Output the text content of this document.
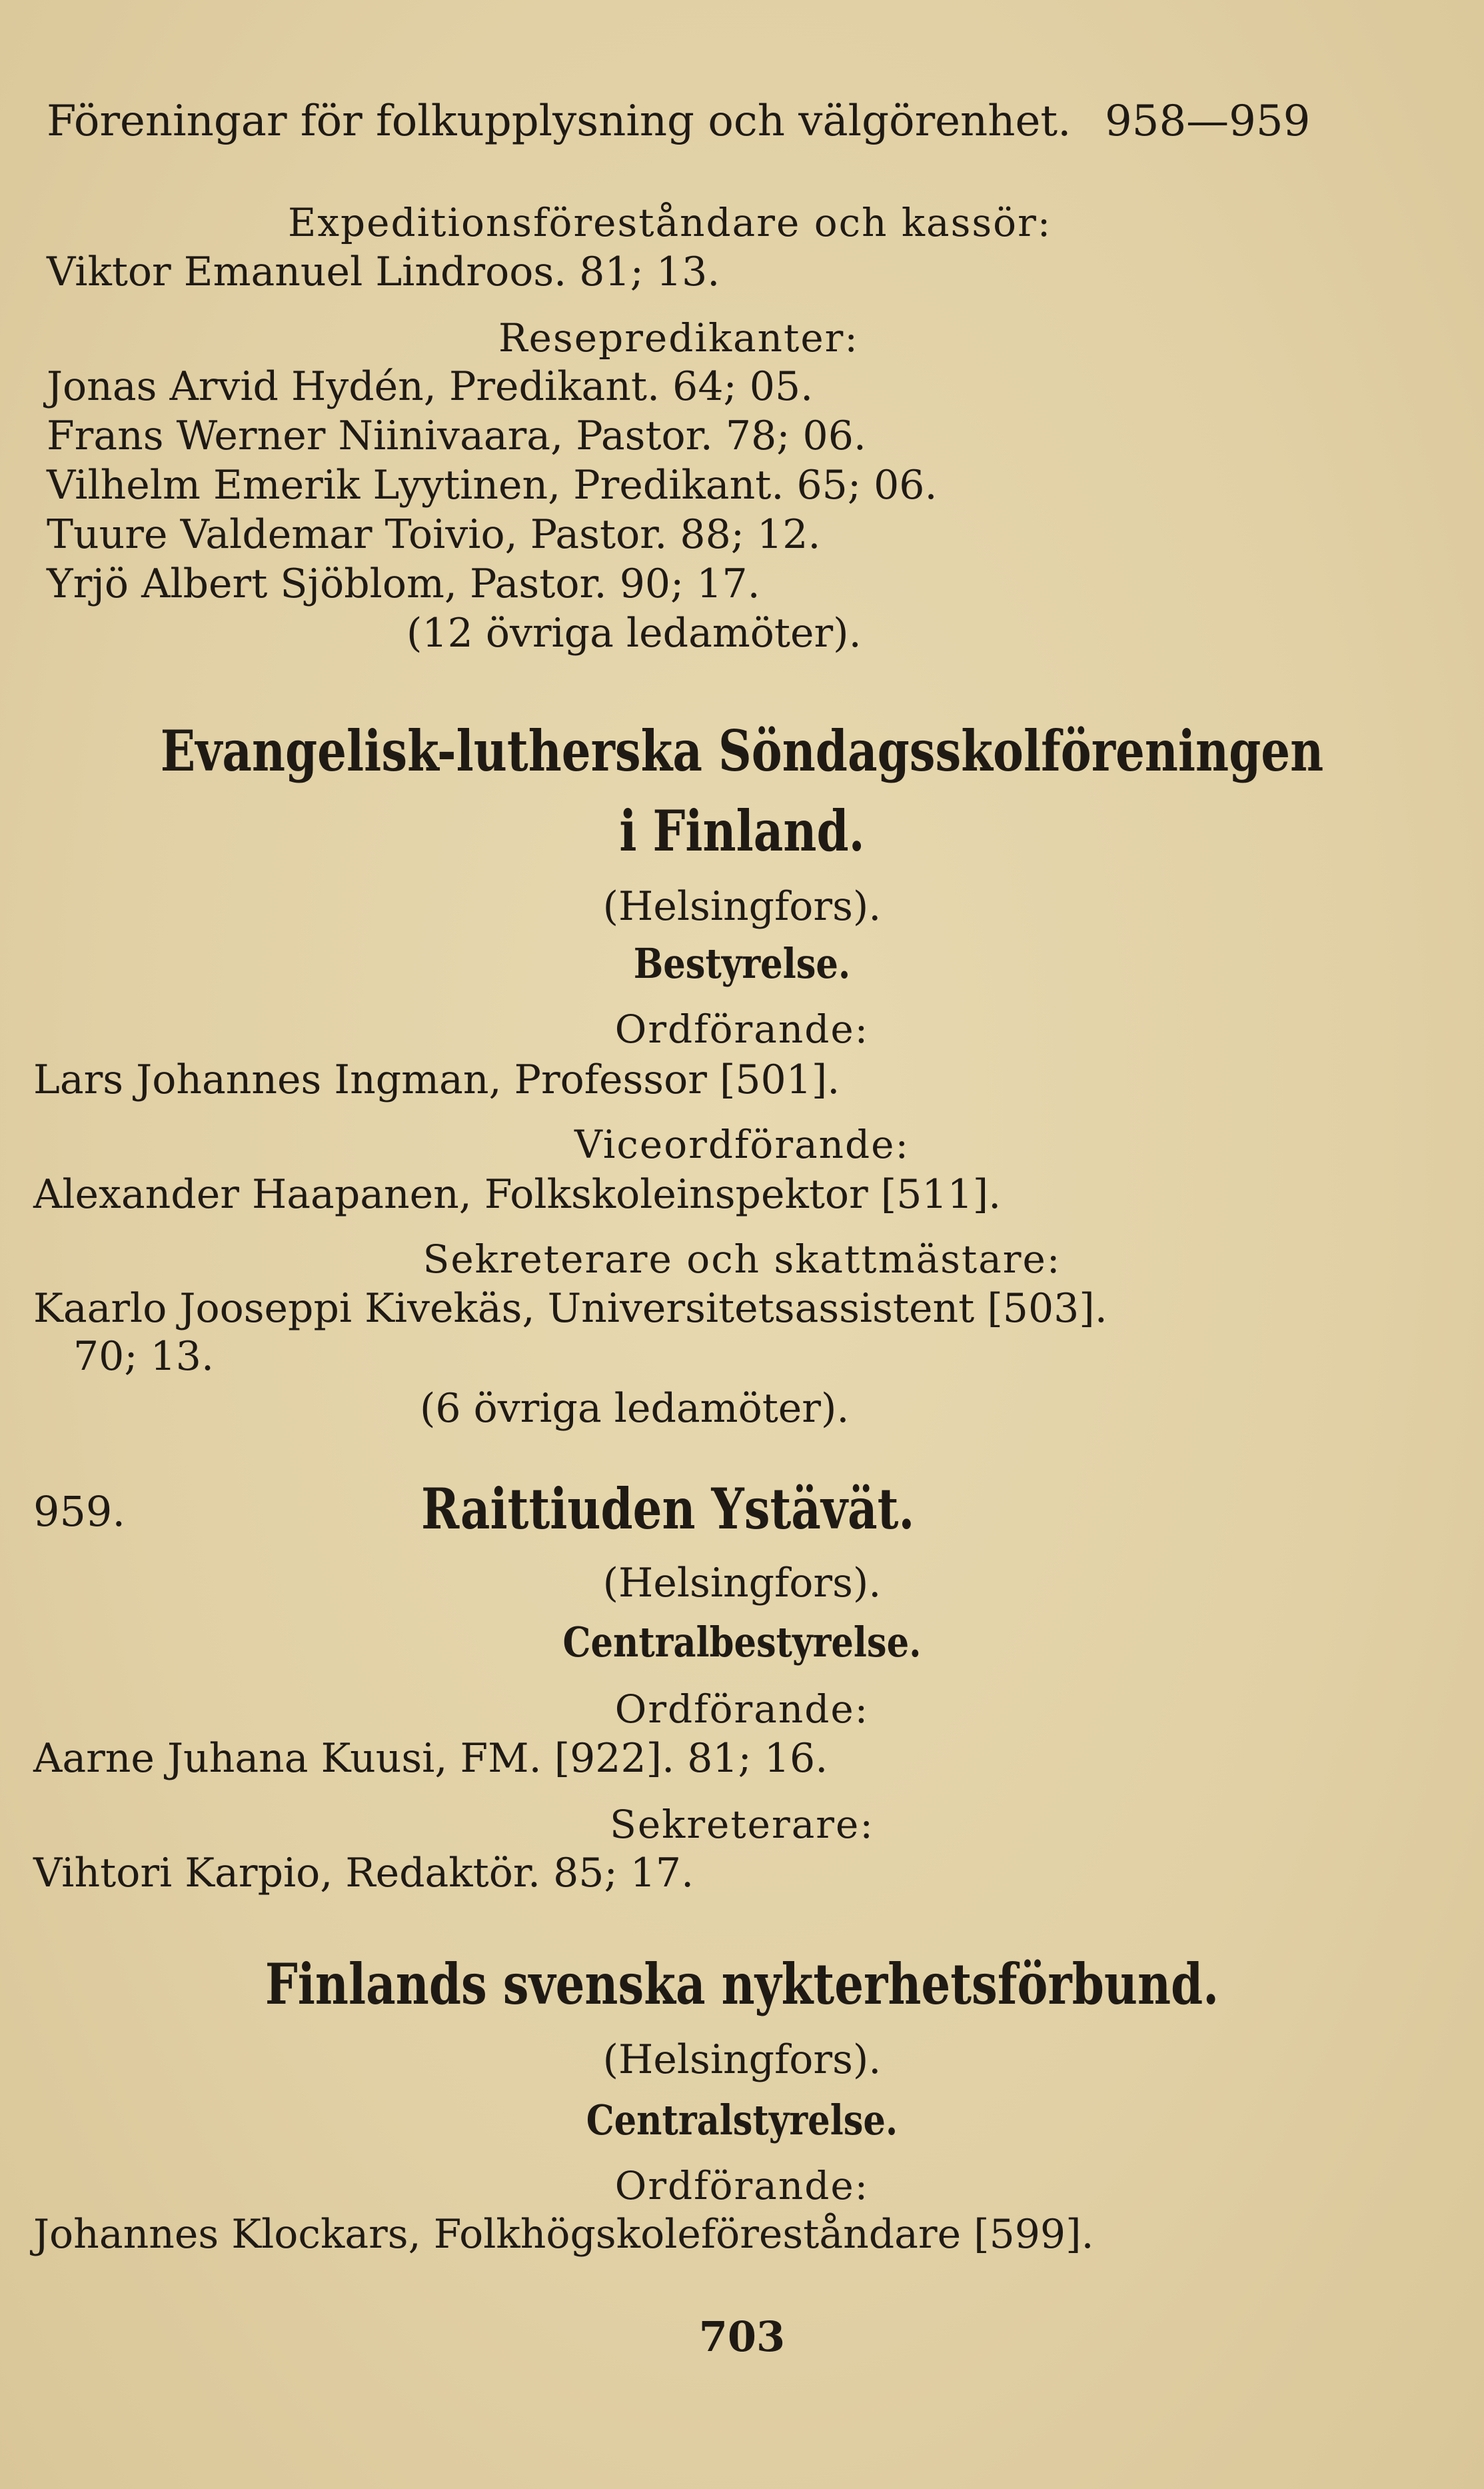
Föreningar för folkupplysning och välgörenhet. 958—959
Expeditionsföreståndare och kassör:
Viktor Emanuel Lindroos. 81; 13.
Resepredikanter:
Jonas Arvid Hydén, Predikant. 64; 05.
Frans Werner Niinivaara, Pastor. 78; 06.
Vilhelm Emerik Lyytinen, Predikant. 65; 06.
Tuure Valdemar Toivio, Pastor. 88; 12.
Yrjö Albert Sjöblom, Pastor. 90; 17.
(12 övriga ledamöter).
Evangelisk-lutherska Söndagsskolföreningen
i Finland.
(Helsingfors).
Bestyrelse.
Ordförande:
Lars Johannes Ingman, Professor [501].
Viceordförande:
Alexander Haapanen, Folkskoleinspektor [511].
Sekreterare och skattmästare:
Kaarlo Jooseppi Kivekäs, Universitetsassistent [503].
70; 13.
(6 övriga ledamöter).
959.	Raittiuden Ystävät.
(Helsingfors).
Centralbestyrelse.
Ordförande:
Aarne Juhana Kuusi, FM. [922]. 81; 16.
Sekreterare:
Vihtori Karpio, Redaktör. 85; 17.
Finlands svenska nykterhetsförbund.
(Helsingfors).
Centralstyrelse.
Ordförande:
Johannes Klockars, Folkhögskoleföreståndare [599].
703
